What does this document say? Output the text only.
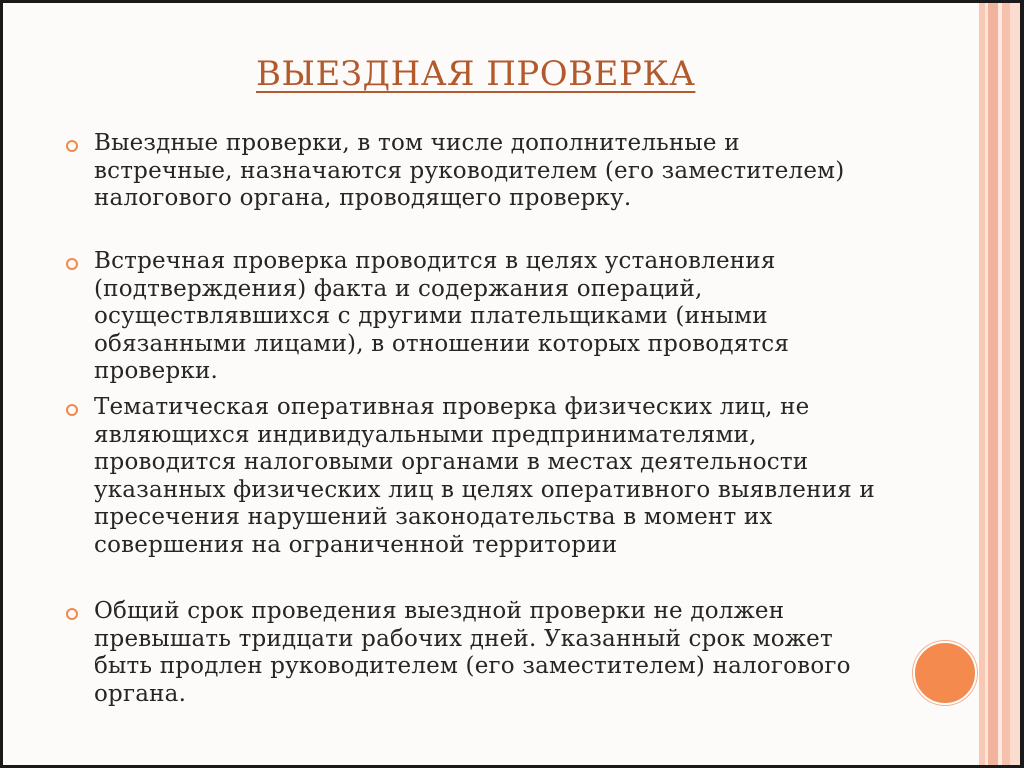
ВЫЕЗДНАЯ ПРОВЕРКА

Выездные проверки, в том числе дополнительные и встречные, назначаются руководителем (его заместителем) налогового органа, проводящего проверку.

Встречная проверка проводится в целях установления (подтверждения) факта и содержания операций, осуществлявшихся с другими плательщиками (иными обязанными лицами), в отношении которых проводятся проверки.

Тематическая оперативная проверка физических лиц, не являющихся индивидуальными предпринимателями, проводится налоговыми органами в местах деятельности указанных физических лиц в целях оперативного выявления и пресечения нарушений законодательства в момент их совершения на ограниченной территории

Общий срок проведения выездной проверки не должен превышать тридцати рабочих дней. Указанный срок может быть продлен руководителем (его заместителем) налогового органа.
